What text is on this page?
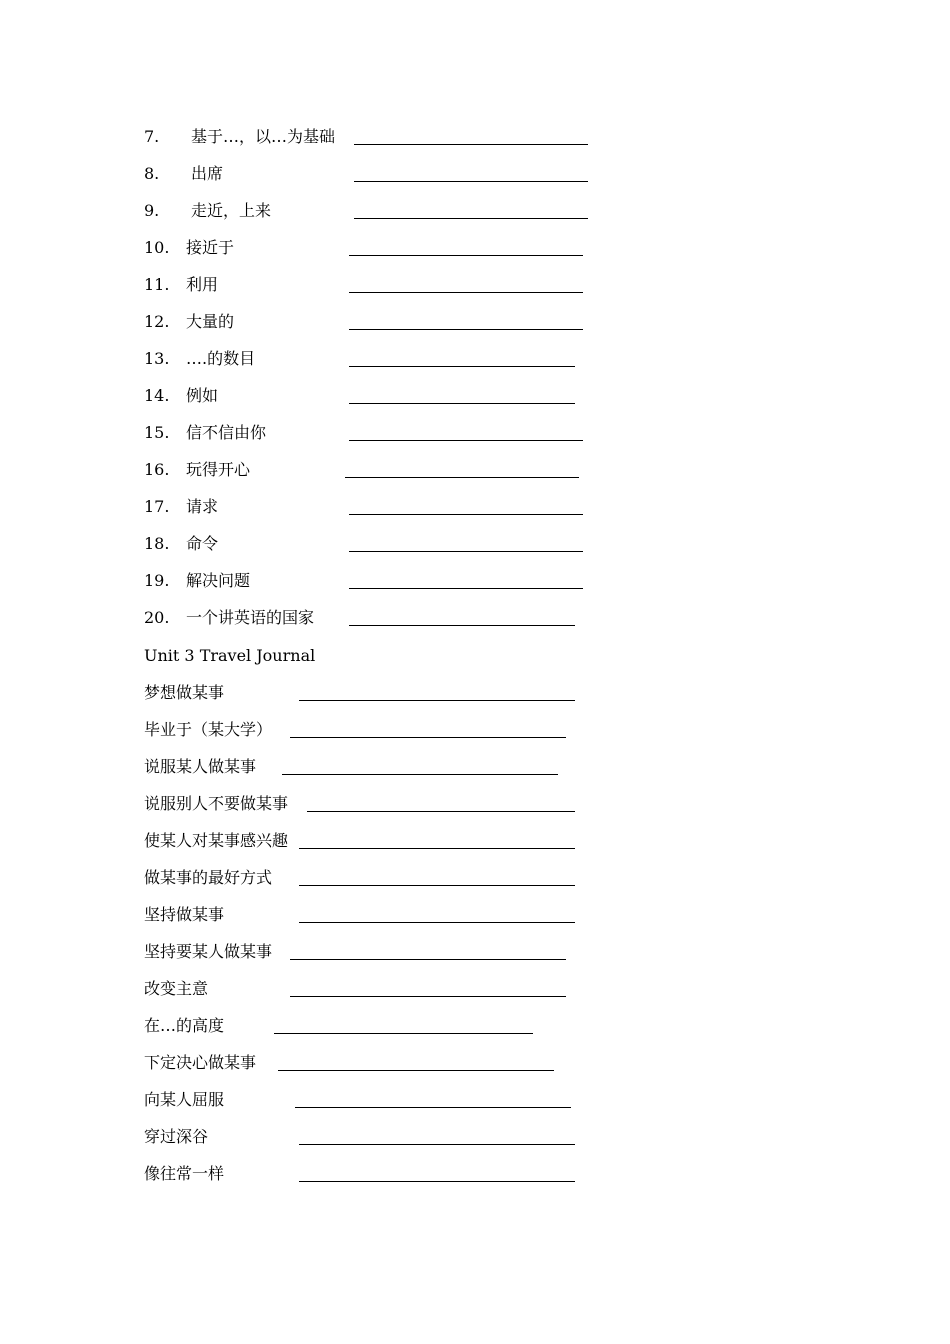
7. 基于…，以…为基础
8. 出席
9. 走近，上来
10. 接近于
11. 利用
12. 大量的
13. ….的数目
14. 例如
15. 信不信由你
16. 玩得开心
17. 请求
18. 命令
19. 解决问题
20. 一个讲英语的国家
Unit 3 Travel Journal
梦想做某事
毕业于（某大学）
说服某人做某事
说服别人不要做某事
使某人对某事感兴趣
做某事的最好方式
坚持做某事
坚持要某人做某事
改变主意
在…的高度
下定决心做某事
向某人屈服
穿过深谷
像往常一样
